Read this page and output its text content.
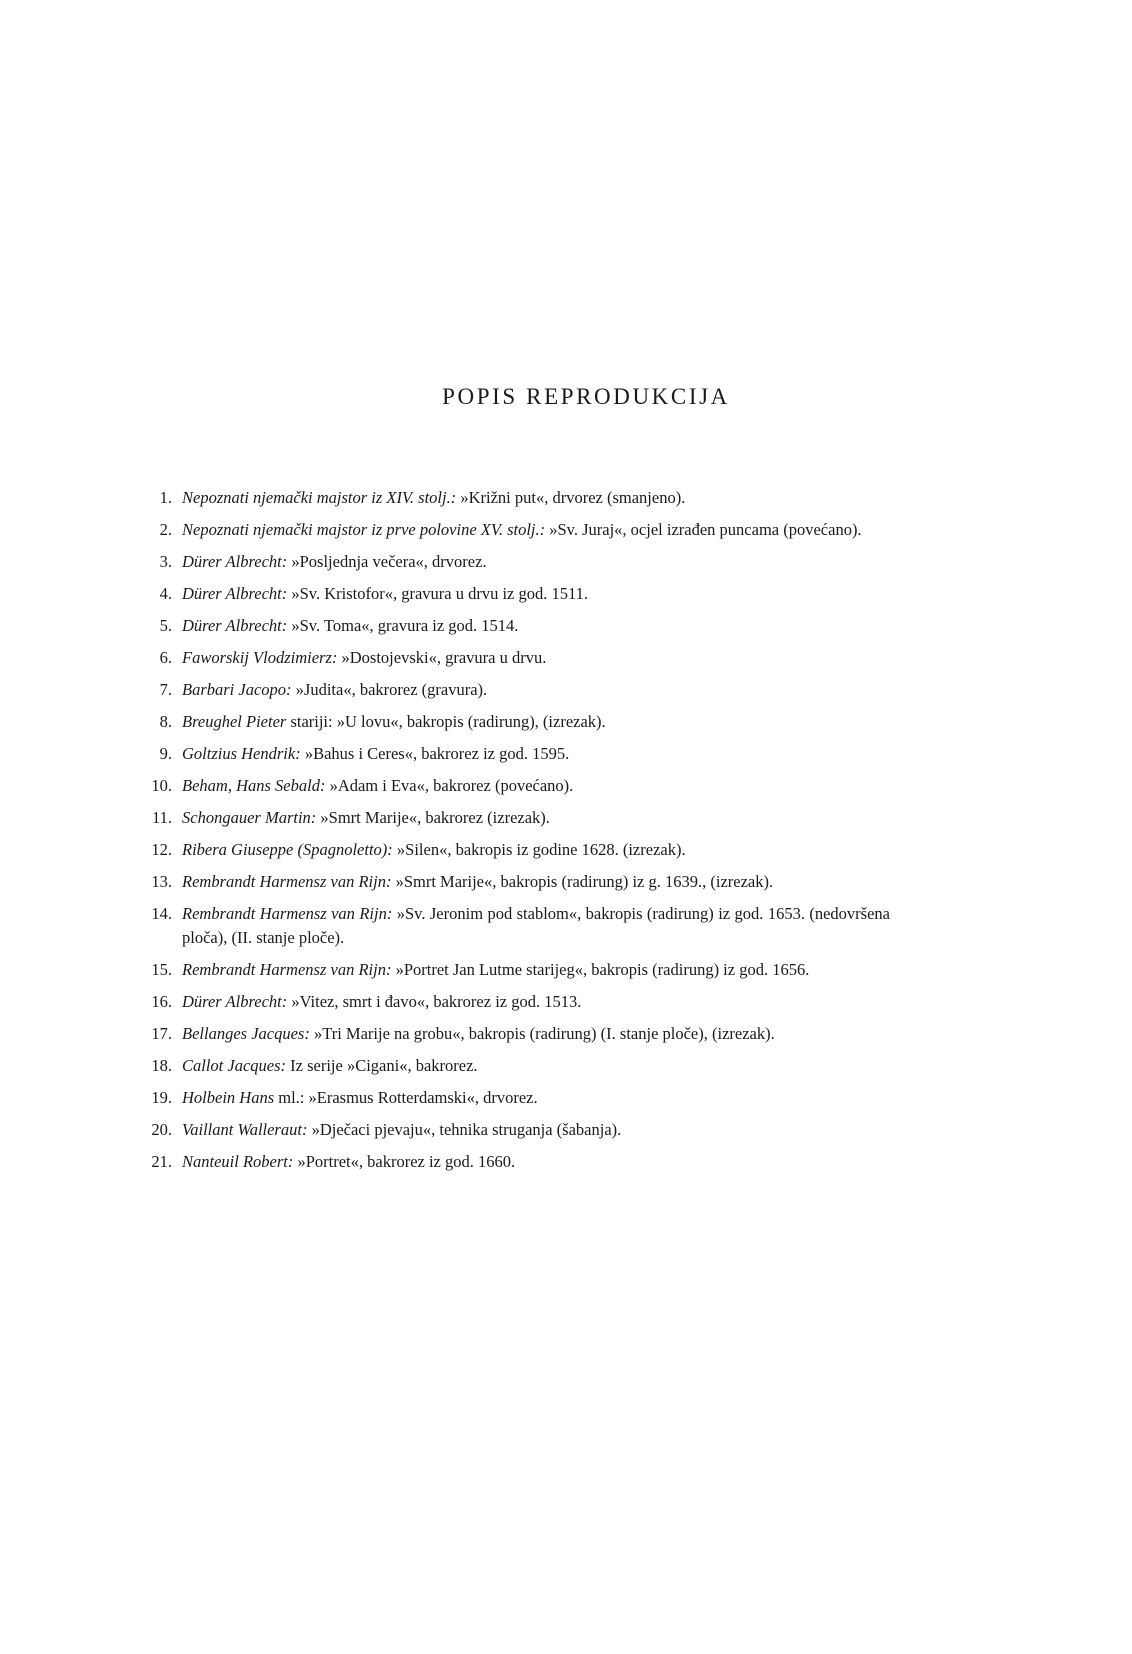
POPIS REPRODUKCIJA
1. Nepoznati njemački majstor iz XIV. stolj.: »Križni put«, drvorez (smanjeno).
2. Nepoznati njemački majstor iz prve polovine XV. stolj.: »Sv. Juraj«, ocjel izrađen puncama (povećano).
3. Dürer Albrecht: »Posljednja večera«, drvorez.
4. Dürer Albrecht: »Sv. Kristofor«, gravura u drvu iz god. 1511.
5. Dürer Albrecht: »Sv. Toma«, gravura iz god. 1514.
6. Faworskij Vlodzimierz: »Dostojevski«, gravura u drvu.
7. Barbari Jacopo: »Judita«, bakrorez (gravura).
8. Breughel Pieter stariji: »U lovu«, bakropis (radirung), (izrezak).
9. Goltzius Hendrik: »Bahus i Ceres«, bakrorez iz god. 1595.
10. Beham, Hans Sebald: »Adam i Eva«, bakrorez (povećano).
11. Schongauer Martin: »Smrt Marije«, bakrorez (izrezak).
12. Ribera Giuseppe (Spagnoletto): »Silen«, bakropis iz godine 1628. (izrezak).
13. Rembrandt Harmensz van Rijn: »Smrt Marije«, bakropis (radirung) iz g. 1639., (izrezak).
14. Rembrandt Harmensz van Rijn: »Sv. Jeronim pod stablom«, bakropis (radirung) iz god. 1653. (nedovršena ploča), (II. stanje ploče).
15. Rembrandt Harmensz van Rijn: »Portret Jan Lutme starijeg«, bakropis (radirung) iz god. 1656.
16. Dürer Albrecht: »Vitez, smrt i đavo«, bakrorez iz god. 1513.
17. Bellanges Jacques: »Tri Marije na grobu«, bakropis (radirung) (I. stanje ploče), (izrezak).
18. Callot Jacques: Iz serije »Cigani«, bakrorez.
19. Holbein Hans ml.: »Erasmus Rotterdamski«, drvorez.
20. Vaillant Walleraut: »Dječaci pjevaju«, tehnika struganja (šabanja).
21. Nanteuil Robert: »Portret«, bakrorez iz god. 1660.
